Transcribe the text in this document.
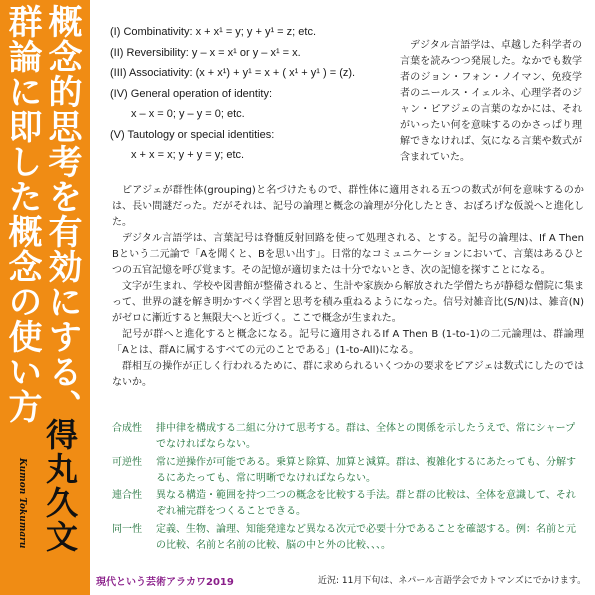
概念的思考を有効にする、
群論に即した概念の使い方
得丸久文
Kumon Tokumaru
(I) Combinativity: x + x¹ = y; y + y¹ = z; etc.
(II) Reversibility: y – x = x¹ or y – x¹ = x.
(III) Associativity: (x + x¹) + y¹ = x + ( x¹ + y¹ ) = (z).
(IV) General operation of identity:
x – x = 0; y – y = 0; etc.
(V) Tautology or special identities:
x + x = x; y + y = y; etc.
デジタル言語学は、卓越した科学者の言葉を読みつつ発展した。なかでも数学者のジョン・フォン・ノイマン、免疫学者のニールス・イェルネ、心理学者のジャン・ピアジェの言葉のなかには、それがいったい何を意味するのかさっぱり理解できなければ、気になる言葉や数式が含まれていた。

ピアジェが群性体(grouping)と名づけたもので、群性体に適用される五つの数式が何を意味するのかは、長い間謎だった。だがそれは、記号の論理と概念の論理が分化したとき、おぼろげな仮説へと進化した。

デジタル言語学は、言葉記号は脊髄反射回路を使って処理される、とする。記号の論理は、If A Then Bという二元論で「Aを聞くと、Bを思い出す」。日常的なコミュニケーションにおいて、言葉はあるひとつの五官記憶を呼び覚ます。その記憶が適切または十分でないとき、次の記憶を探すことになる。

文字が生まれ、学校や図書館が整備されると、生計や家族から解放された学僧たちが静穏な僧院に集まって、世界の謎を解き明かすべく学習と思考を積み重ねるようになった。信号対雑音比(S/N)は、雑音(N)がゼロに漸近すると無限大へと近づく。ここで概念が生まれた。

記号が群へと進化すると概念になる。記号に適用されるIf A Then B (1-to-1)の二元論理は、群論理「Aとは、群Aに属するすべての元のことである」(1-to-All)になる。

群相互の操作が正しく行われるために、群に求められるいくつかの要求をピアジェは数式にしたのではないか。

合成性	排中律を構成する二組に分けて思考する。群は、全体との関係を示したうえで、常にシャープでなければならない。
可逆性	常に逆操作が可能である。乗算と除算、加算と減算。群は、複雑化するにあたっても、分解するにあたっても、常に明晰でなければならない。
連合性	異なる構造・範囲を持つ二つの概念を比較する手法。群と群の比較は、全体を意識して、それぞれ補完群をつくることできる。
同一性	定義、生物、論理、知能発達など異なる次元で必要十分であることを確認する。例：名前と元の比較、名前と名前の比較、脳の中と外の比較、、、。
現代という芸術アラカワ2019	近況: 11月下旬は、ネパール言語学会でカトマンズにでかけます。
